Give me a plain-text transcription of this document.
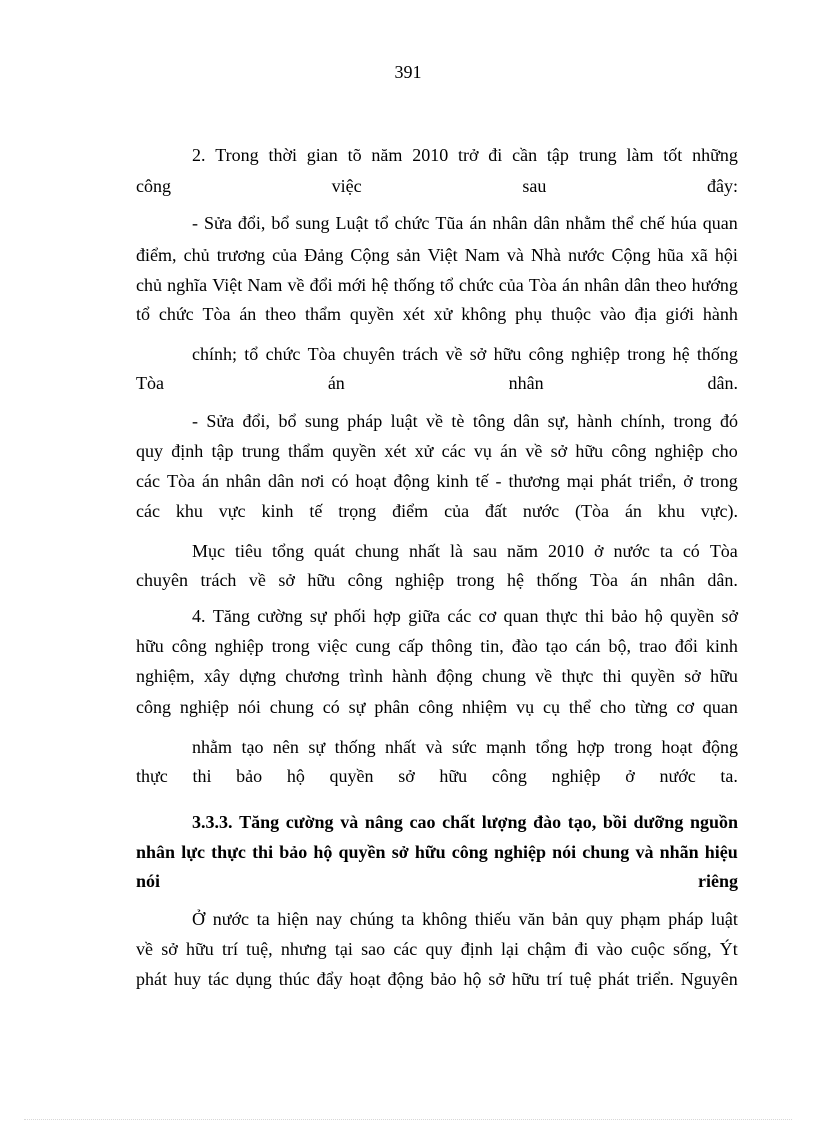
391
2. Trong thời gian tõ năm 2010 trở đi cần tập trung làm tốt những
công	việc	sau	đây:
- Sửa đổi, bổ sung Luật tổ chức Tũa án nhân dân nhằm thể chế húa quan
điểm, chủ trương của Đảng Cộng sản Việt Nam và Nhà nước Cộng hũa xã hội
chủ nghĩa Việt Nam về đổi mới hệ thống tổ chức của Tòa án nhân dân theo hướng
tổ chức Tòa án theo thẩm quyền xét xử không phụ thuộc vào địa giới hành
chính; tổ chức Tòa chuyên trách về sở hữu công nghiệp trong hệ thống
Tòa	án	nhân	dân.
- Sửa đổi, bổ sung pháp luật về tè tông dân sự, hành chính, trong đó
quy định tập trung thẩm quyền xét xử các vụ án về sở hữu công nghiệp cho
các Tòa án nhân dân nơi có hoạt động kinh tế - thương mại phát triển, ở trong
các khu vực kinh tế trọng điểm của đất nước (Tòa án khu vực).
Mục tiêu tổng quát chung nhất là sau năm 2010 ở nước ta có Tòa
chuyên trách về sở hữu công nghiệp trong hệ thống Tòa án nhân dân.
4. Tăng cường sự phối hợp giữa các cơ quan thực thi bảo hộ quyền sở
hữu công nghiệp trong việc cung cấp thông tin, đào tạo cán bộ, trao đổi kinh
nghiệm, xây dựng chương trình hành động chung về thực thi quyền sở hữu
công nghiệp nói chung có sự phân công nhiệm vụ cụ thể cho từng cơ quan
nhằm tạo nên sự thống nhất và sức mạnh tổng hợp trong hoạt động
thực thi bảo hộ quyền sở hữu công nghiệp ở nước ta.
3.3.3. Tăng cường và nâng cao chất lượng đào tạo, bồi dưỡng nguồn
nhân lực thực thi bảo hộ quyền sở hữu công nghiệp nói chung và nhãn hiệu
nói	riêng
Ở nước ta hiện nay chúng ta không thiếu văn bản quy phạm pháp luật
về sở hữu trí tuệ, nhưng tại sao các quy định lại chậm đi vào cuộc sống, Ýt
phát huy tác dụng thúc đẩy hoạt động bảo hộ sở hữu trí tuệ phát triển. Nguyên
